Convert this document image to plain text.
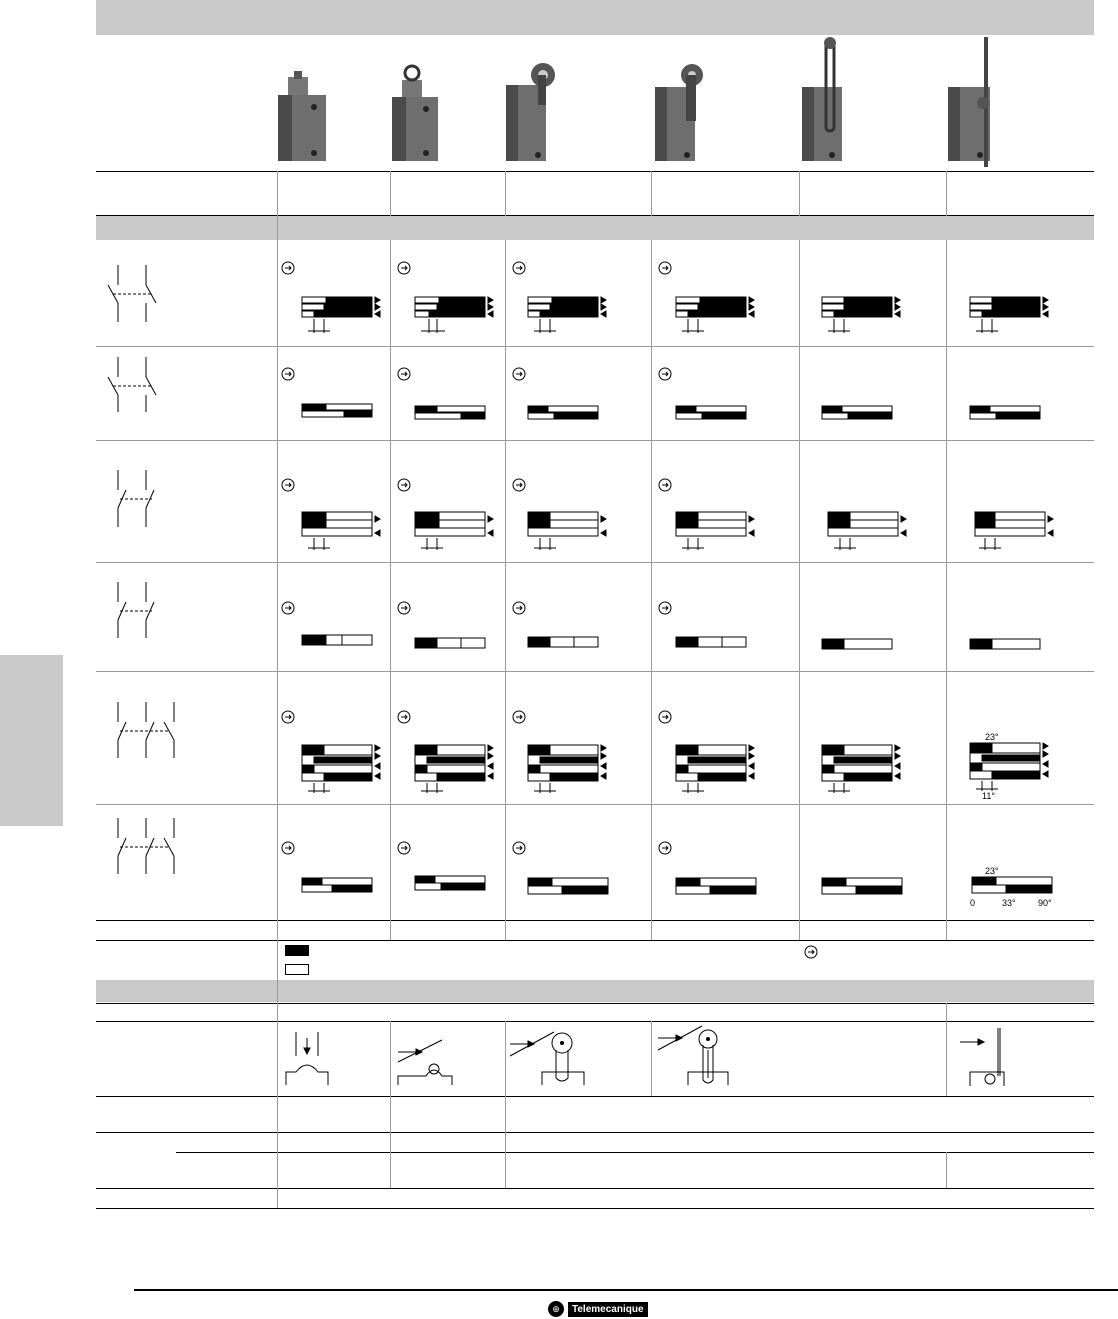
23°
11°
23°
0	33° 90°
⊕	Telemecanique
